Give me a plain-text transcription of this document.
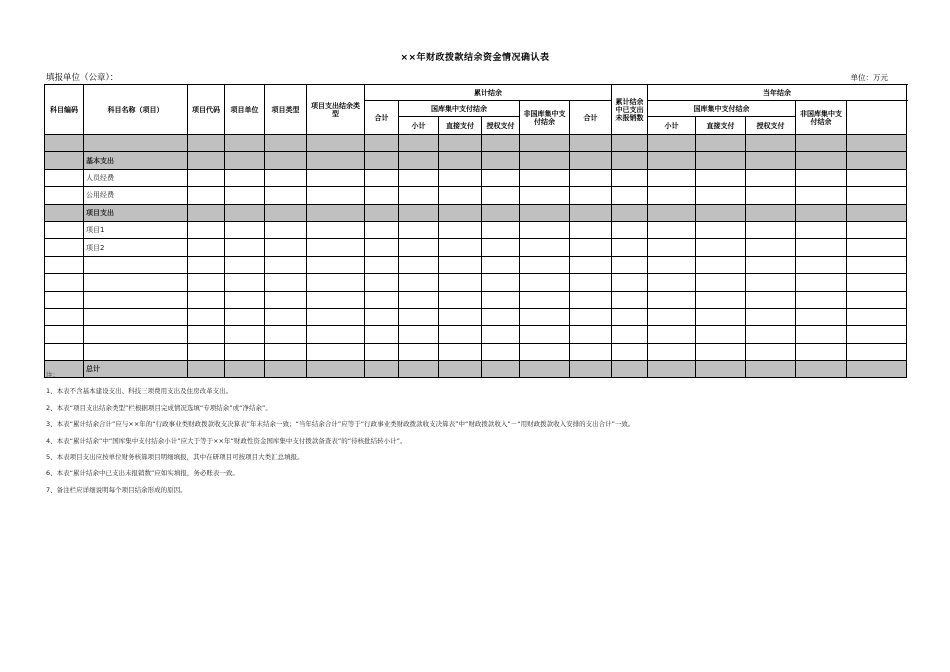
××年财政拨款结余资金情况确认表
填报单位（公章）：	单位：万元
科目编码	科目名称（项目）	项目代码	项目单位	项目类型	项目支出结余类型	累计结余						累计结余中已支出未报销数	当年结余	
						合计	国库集中支付结余			非国库集中支付结余	合计		国库集中支付结余			非国库集中支付结余		
							小计	直接支付	授权支付				小计	直接支付	授权支付			

	基本支出																	
	人员经费																	
	公用经费																	
	项目支出																	
	项目1																	
	项目2																	

	总计																	
注：
1、本表不含基本建设支出、科技三项费用支出及住房改革支出。
2、本表“项目支出结余类型”栏根据项目完成情况选填“专项结余”或“净结余”。
3、本表“累计结余合计”应与××年的“行政事业类财政拨款收支决算表”年末结余一致；“当年结余合计”应等于“行政事业类财政拨款收支决算表”中“财政拨款收入”－“用财政拨款收入安排的支出合计”一致。
4、本表“累计结余”中“国库集中支付结余小计”应大于等于××年“财政性资金国库集中支付拨款备查表”的“待核批结转小计”。
5、本表项目支出应按单位财务核算项目明细填报，其中在研项目可按项目大类汇总填报。
6、本表“累计结余中已支出未报销数”应如实填报，务必账表一致。
7、备注栏应详细说明每个项目结余形成的原因。
